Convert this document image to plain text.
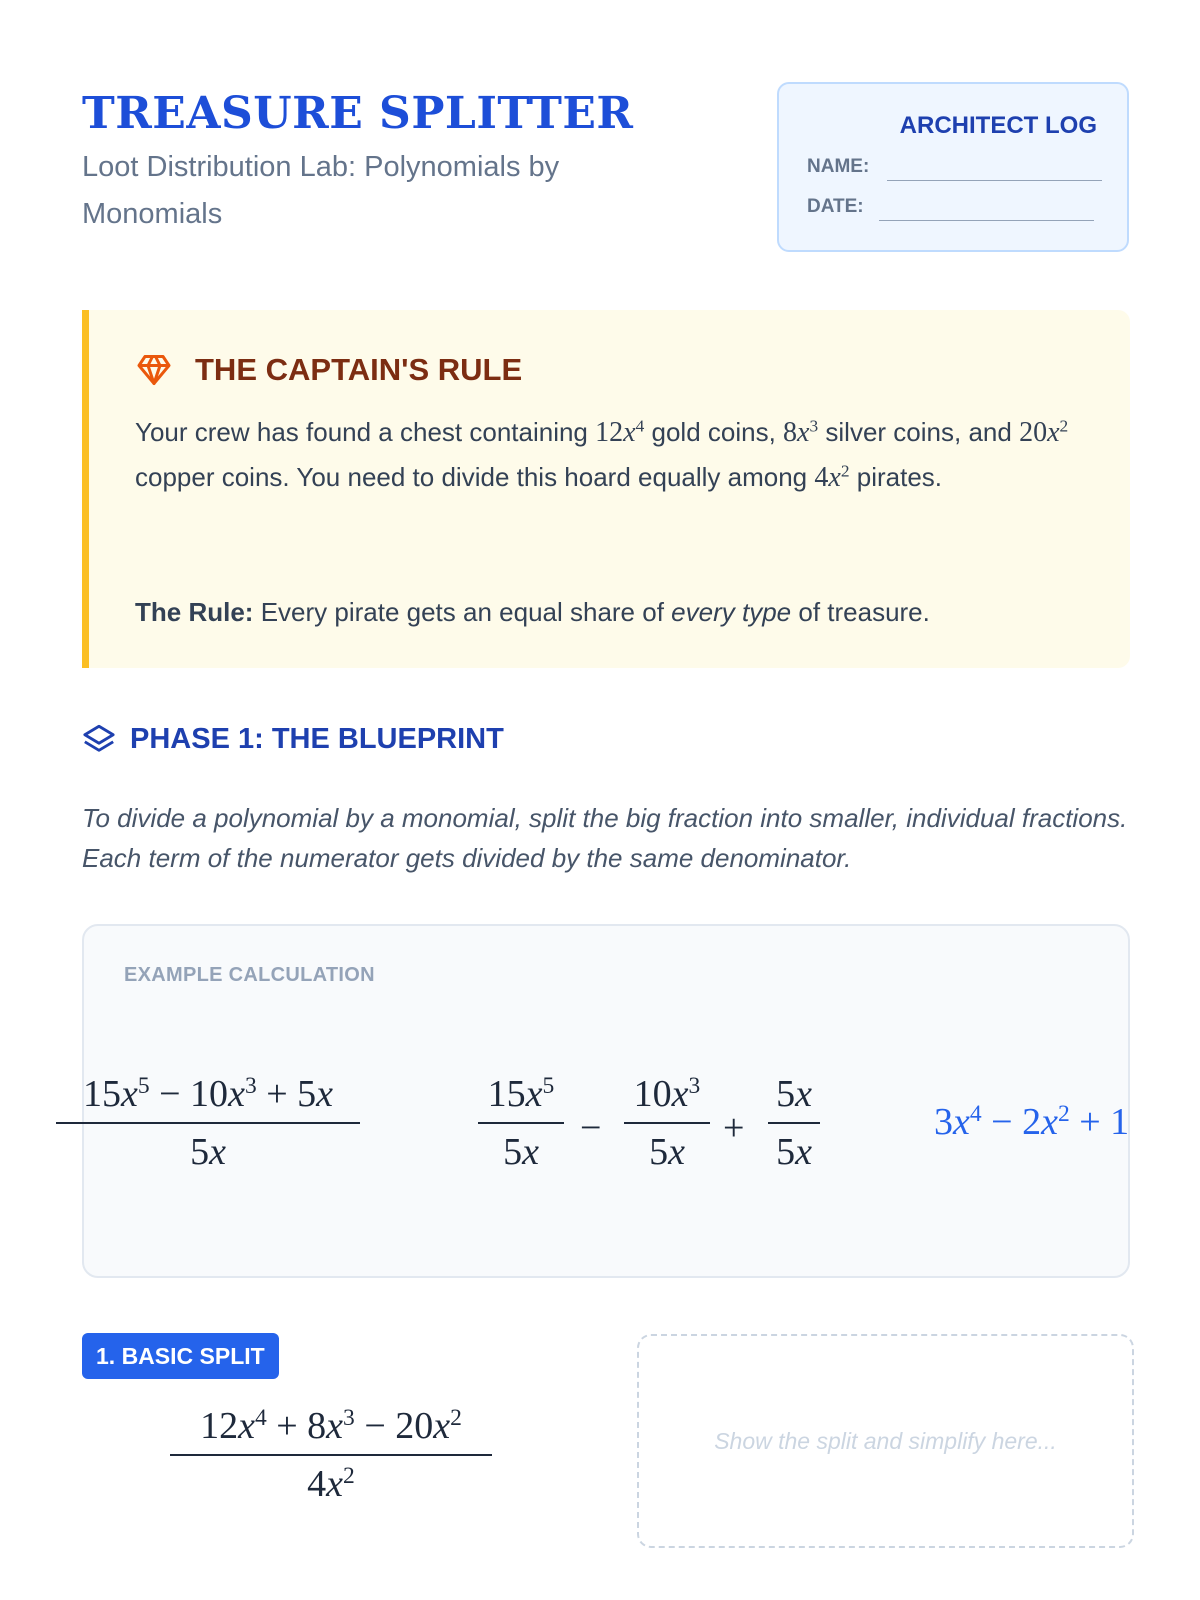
TREASURE SPLITTER

Loot Distribution Lab: Polynomials by Monomials

ARCHITECT LOG
NAME:
DATE:
THE CAPTAIN'S RULE

Your crew has found a chest containing $12x^4$ gold coins, $8x^3$ silver coins, and $20x^2$ copper coins. You need to divide this hoard equally among $4x^2$ pirates.

The Rule: Every pirate gets an equal share of every type of treasure.

PHASE 1: THE BLUEPRINT

To divide a polynomial by a monomial, split the big fraction into smaller, individual fractions. Each term of the numerator gets divided by the same denominator.

EXAMPLE CALCULATION
$\frac{15x^5 - 10x^3 + 5x}{5x}$	$\frac{15x^5}{5x} - \frac{10x^3}{5x} + \frac{5x}{5x}$	$3x^4 - 2x^2 + 1$
1. BASIC SPLIT
$\frac{12x^4 + 8x^3 - 20x^2}{4x^2}$	Show the split and simplify here...
